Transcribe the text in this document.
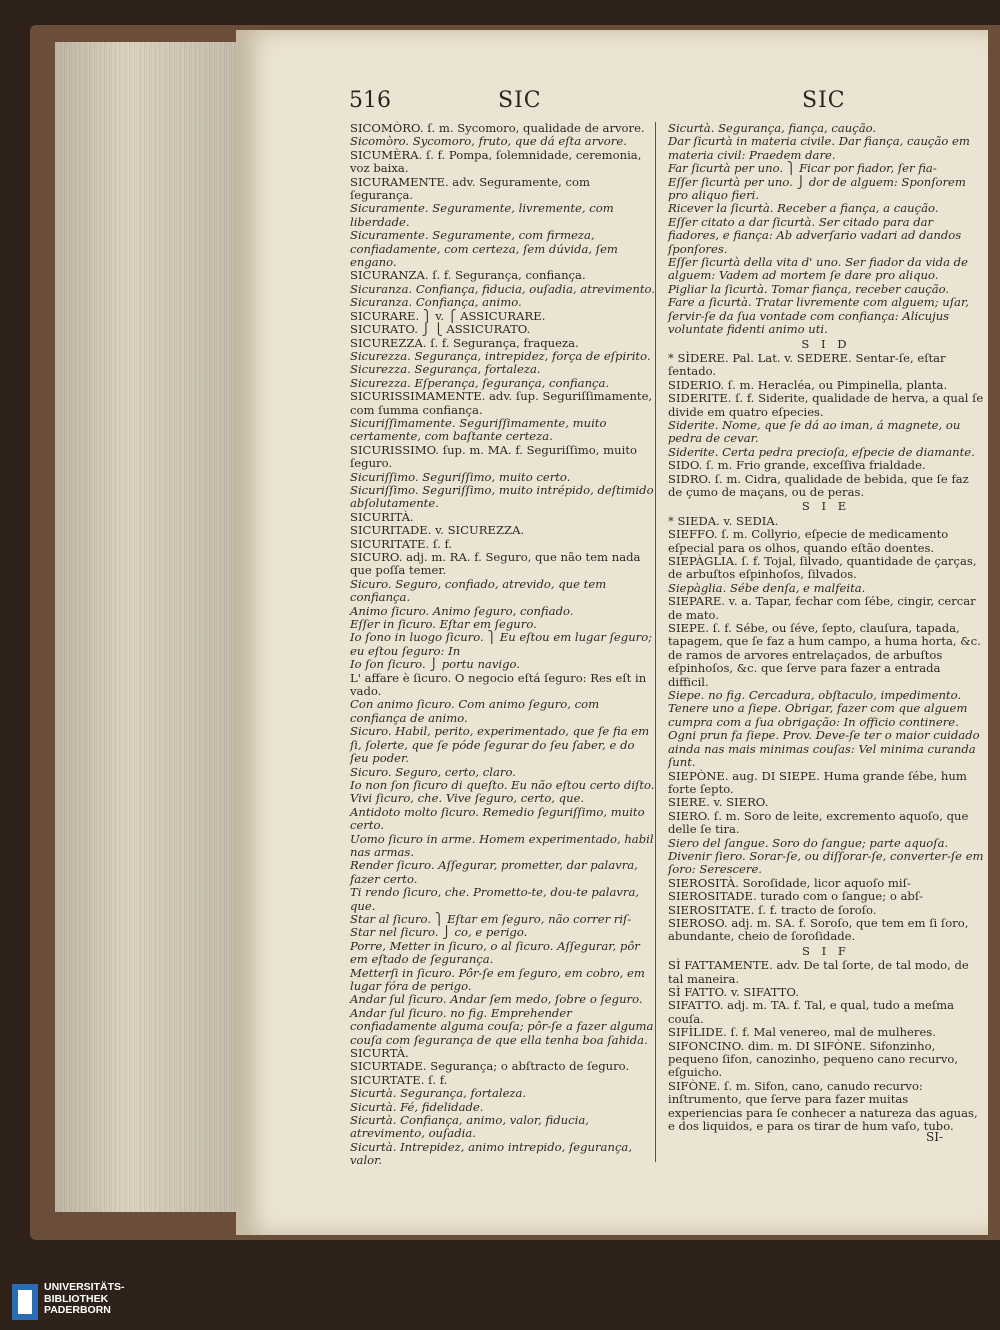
516	SIC	SIC

SICOMÒRO. ſ. m. Sycomoro, qualidade de arvore.

Sicomòro. Sycomoro, fruto, que dá eſta arvore.

SICUMÈRA. ſ. f. Pompa, ſolemnidade, ceremonia, voz baixa.

SICURAMENTE. adv. Seguramente, com ſegurança.

Sicuramente. Seguramente, livremente, com liberdade.

Sicuramente. Seguramente, com firmeza, confiadamente, com certeza, ſem dúvida, ſem engano.

SICURANZA. ſ. f. Segurança, confiança.

Sicuranza. Confiança, fiducia, ouſadia, atrevimento.

Sicuranza. Confiança, animo.

SICURARE. ⎫ v. ⎧ ASSICURARE.

SICURATO. ⎭ ⎩ ASSICURATO.

SICUREZZA. ſ. f. Segurança, fraqueza.

Sicurezza. Segurança, intrepidez, força de eſpirito.

Sicurezza. Segurança, fortaleza.

Sicurezza. Eſperança, ſegurança, confiança.

SICURISSIMAMENTE. adv. ſup. Seguriſſimamente, com ſumma confiança.

Sicuriſſimamente. Seguriſſimamente, muito certamente, com baſtante certeza.

SICURISSIMO. ſup. m. MA. f. Seguriſſimo, muito ſeguro.

Sicuriſſimo. Seguriſſimo, muito certo.

Sicuriſſimo. Seguriſſimo, muito intrépido, deſtimido abſolutamente.

SICURITÀ.

SICURITADE. v. SICUREZZA.

SICURITATE. ſ. f.

SICURO. adj. m. RA. f. Seguro, que não tem nada que poſſa temer.

Sicuro. Seguro, confiado, atrevido, que tem confiança.

Animo ſicuro. Animo ſeguro, confiado.

Eſſer in ſicuro. Eſtar em ſeguro.

Io ſono in luogo ſicuro. ⎫ Eu eſtou em lugar ſeguro; eu eſtou ſeguro: In

Io ſon ſicuro. ⎭ portu navigo.

L' affare è ſicuro. O negocio eſtá ſeguro: Res eſt in vado.

Con animo ſicuro. Com animo ſeguro, com confiança de animo.

Sicuro. Habil, perito, experimentado, que ſe fia em ſi, ſolerte, que ſe póde ſegurar do ſeu ſaber, e do ſeu poder.

Sicuro. Seguro, certo, claro.

Io non ſon ſicuro di queſto. Eu não eſtou certo diſto.

Vivi ſicuro, che. Vive ſeguro, certo, que.

Antidoto molto ſicuro. Remedio ſeguriſſimo, muito certo.

Uomo ſicuro in arme. Homem experimentado, habil nas armas.

Render ſicuro. Aſſegurar, prometter, dar palavra, fazer certo.

Ti rendo ſicuro, che. Prometto-te, dou-te palavra, que.

Star al ſicuro. ⎫ Eſtar em ſeguro, não correr riſ-

Star nel ſicuro. ⎭ co, e perigo.

Porre, Metter in ſicuro, o al ſicuro. Aſſegurar, pôr em eſtado de ſegurança.

Metterſi in ſicuro. Pôr-ſe em ſeguro, em cobro, em lugar fóra de perigo.

Andar ſul ſicuro. Andar ſem medo, ſobre o ſeguro.

Andar ſul ſicuro. no fig. Emprehender confiadamente alguma couſa; pôr-ſe a fazer alguma couſa com ſegurança de que ella tenha boa ſahida.

SICURTÀ.

SICURTADE. Segurança; o abſtracto de ſeguro.

SICURTATE. ſ. f.

Sicurtà. Segurança, fortaleza.

Sicurtà. Fé, fidelidade.

Sicurtà. Confiança, animo, valor, fiducia, atrevimento, ouſadia.

Sicurtà. Intrepidez, animo intrepido, ſegurança, valor.

Sicurtà. Segurança, fiança, caução.

Dar ſicurtà in materia civile. Dar fiança, caução em materia civil: Praedem dare.

Far ſicurtà per uno. ⎫ Ficar por fiador, ſer fia-

Eſſer ſicurtà per uno. ⎭ dor de alguem: Sponſorem pro aliquo fieri.

Ricever la ſicurtà. Receber a fiança, a caução.

Eſſer citato a dar ſicurtà. Ser citado para dar fiadores, e fiança: Ab adverſario vadari ad dandos ſponſores.

Eſſer ſicurtà della vita d' uno. Ser fiador da vida de alguem: Vadem ad mortem ſe dare pro aliquo.

Pigliar la ſicurtà. Tomar fiança, receber caução.

Fare a ſicurtà. Tratar livremente com alguem; uſar, ſervir-ſe da ſua vontade com confiança: Alicujus voluntate fidenti animo uti.

S I D

* SÌDERE. Pal. Lat. v. SEDERE. Sentar-ſe, eſtar ſentado.

SIDERIO. ſ. m. Heracléa, ou Pimpinella, planta.

SIDERITE. ſ. f. Siderite, qualidade de herva, a qual ſe divide em quatro eſpecies.

Siderite. Nome, que ſe dá ao iman, á magnete, ou pedra de cevar.

Siderite. Certa pedra precioſa, eſpecie de diamante.

SIDO. ſ. m. Frio grande, exceſſiva frialdade.

SIDRO. ſ. m. Cidra, qualidade de bebida, que ſe faz de çumo de maçans, ou de peras.

S I E

* SIEDA. v. SEDIA.

SIEFFO. ſ. m. Collyrio, eſpecie de medicamento eſpecial para os olhos, quando eſtão doentes.

SIEPÀGLIA. ſ. f. Tojal, ſilvado, quantidade de çarças, de arbuſtos eſpinhoſos, ſilvados.

Siepàglia. Sébe denſa, e malfeita.

SIEPARE. v. a. Tapar, fechar com ſébe, cingir, cercar de mato.

SIEPE. ſ. f. Sébe, ou ſéve, ſepto, clauſura, tapada, tapagem, que ſe faz a hum campo, a huma horta, &c. de ramos de arvores entrelaçados, de arbuſtos eſpinhoſos, &c. que ſerve para fazer a entrada difficil.

Siepe. no fig. Cercadura, obſtaculo, impedimento.

Tenere uno a ſiepe. Obrigar, fazer com que alguem cumpra com a ſua obrigação: In officio continere.

Ogni prun fa ſiepe. Prov. Deve-ſe ter o maior cuidado ainda nas mais minimas couſas: Vel minima curanda ſunt.

SIEPÒNE. aug. DI SIEPE. Huma grande ſébe, hum forte ſepto.

SIERE. v. SIERO.

SIERO. ſ. m. Soro de leite, excremento aquoſo, que delle ſe tira.

Siero del ſangue. Soro do ſangue; parte aquoſa.

Divenir ſiero. Sorar-ſe, ou diſſorar-ſe, converter-ſe em ſoro: Serescere.

SIEROSITÀ. Soroſidade, licor aquoſo miſ-

SIEROSITADE. turado com o ſangue; o abſ-

SIEROSITATE. ſ. f. tracto de ſoroſo.

SIEROSO. adj. m. SA. f. Soroſo, que tem em ſi ſoro, abundante, cheio de ſoroſidade.

S I F

SÌ FATTAMENTE. adv. De tal ſorte, de tal modo, de tal maneira.

SÌ FATTO. v. SIFATTO.

SIFATTO. adj. m. TA. f. Tal, e qual, tudo a meſma couſa.

SIFÌLIDE. ſ. f. Mal venereo, mal de mulheres.

SIFONCINO. dim. m. DI SIFÒNE. Sifonzinho, pequeno ſifon, canozinho, pequeno cano recurvo, eſguicho.

SIFÒNE. ſ. m. Sifon, cano, canudo recurvo: inſtrumento, que ſerve para fazer muitas experiencias para ſe conhecer a natureza das aguas, e dos liquidos, e para os tirar de hum vaſo, tubo.

SI-
UNIVERSITÄTS-
BIBLIOTHEK
PADERBORN
